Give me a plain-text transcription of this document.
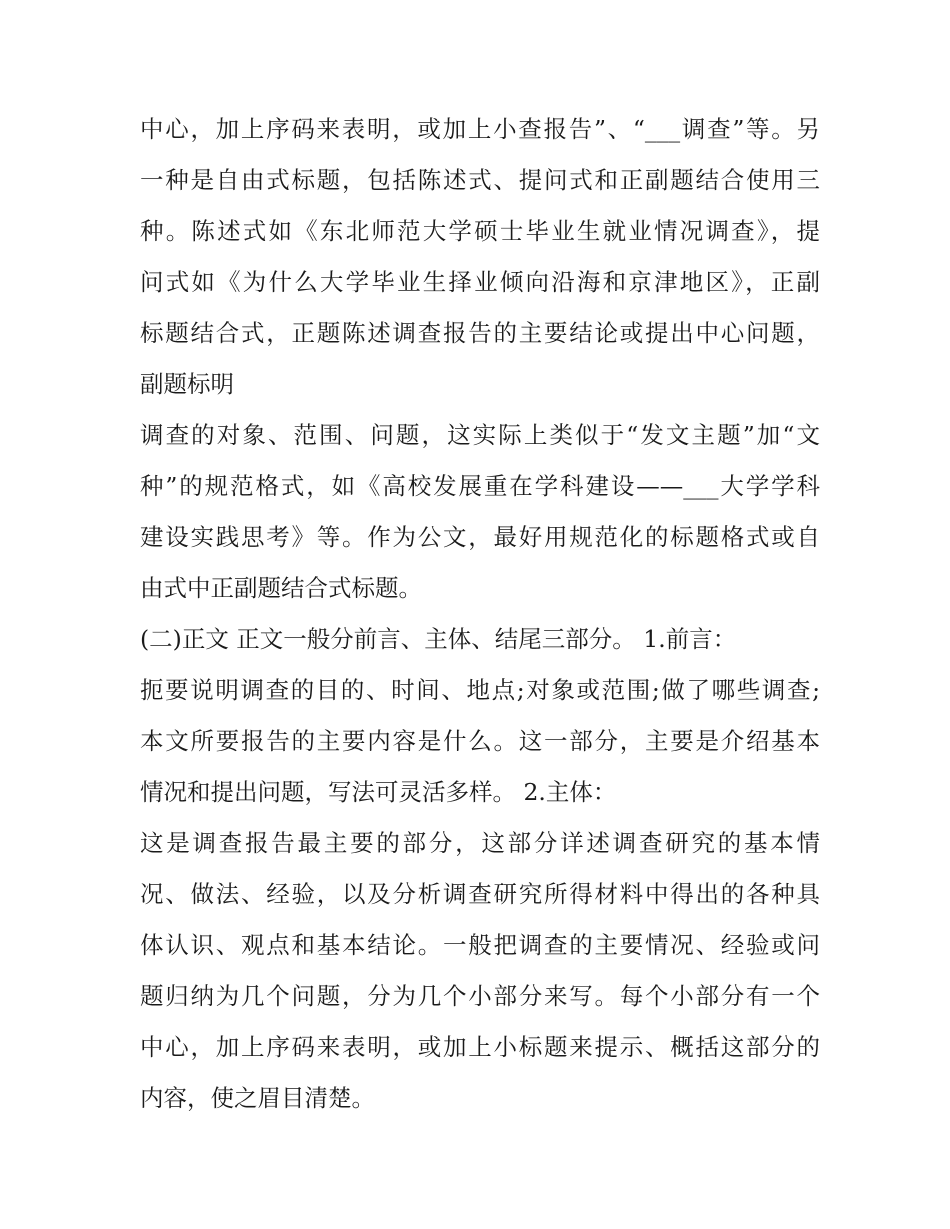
中心，加上序码来表明，或加上小查报告”、“___调查”等。另
一种是自由式标题，包括陈述式、提问式和正副题结合使用三
种。陈述式如《东北师范大学硕士毕业生就业情况调查》，提
问式如《为什么大学毕业生择业倾向沿海和京津地区》，正副
标题结合式，正题陈述调查报告的主要结论或提出中心问题，
副题标明
调查的对象、范围、问题，这实际上类似于“发文主题”加“文
种”的规范格式，如《高校发展重在学科建设——___大学学科
建设实践思考》等。作为公文，最好用规范化的标题格式或自
由式中正副题结合式标题。
(二)正文 正文一般分前言、主体、结尾三部分。 1.前言：
扼要说明调查的目的、时间、地点;对象或范围;做了哪些调查;
本文所要报告的主要内容是什么。这一部分，主要是介绍基本
情况和提出问题，写法可灵活多样。 2.主体：
这是调查报告最主要的部分，这部分详述调查研究的基本情
况、做法、经验，以及分析调查研究所得材料中得出的各种具
体认识、观点和基本结论。一般把调查的主要情况、经验或问
题归纳为几个问题，分为几个小部分来写。每个小部分有一个
中心，加上序码来表明，或加上小标题来提示、概括这部分的
内容，使之眉目清楚。
